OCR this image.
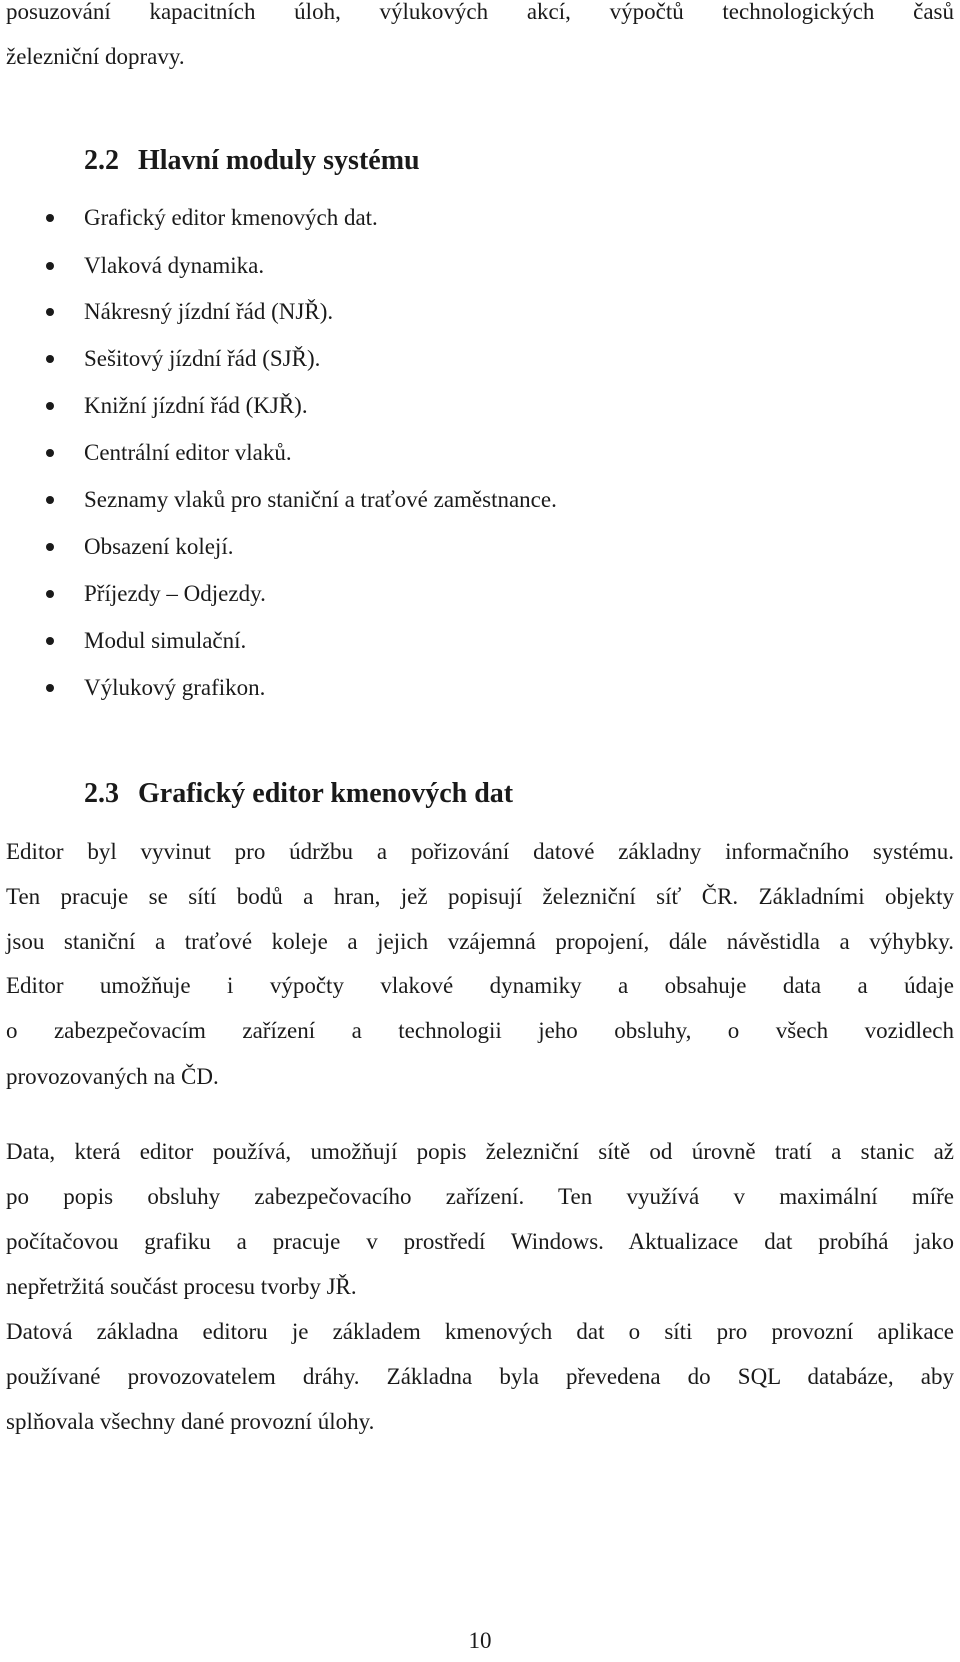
posuzování kapacitních úloh, výlukových akcí, výpočtů technologických časů
železniční dopravy.
2.2 Hlavní moduly systému
Grafický editor kmenových dat.
Vlaková dynamika.
Nákresný jízdní řád (NJŘ).
Sešitový jízdní řád (SJŘ).
Knižní jízdní řád (KJŘ).
Centrální editor vlaků.
Seznamy vlaků pro staniční a traťové zaměstnance.
Obsazení kolejí.
Příjezdy – Odjezdy.
Modul simulační.
Výlukový grafikon.
2.3 Grafický editor kmenových dat
Editor byl vyvinut pro údržbu a pořizování datové základny informačního systému.
Ten pracuje se sítí bodů a hran, jež popisují železniční síť ČR. Základními objekty
jsou staniční a traťové koleje a jejich vzájemná propojení, dále návěstidla a výhybky.
Editor umožňuje i výpočty vlakové dynamiky a obsahuje data a údaje
o zabezpečovacím zařízení a technologii jeho obsluhy, o všech vozidlech
provozovaných na ČD.
Data, která editor používá, umožňují popis železniční sítě od úrovně tratí a stanic až
po popis obsluhy zabezpečovacího zařízení. Ten využívá v maximální míře
počítačovou grafiku a pracuje v prostředí Windows. Aktualizace dat probíhá jako
nepřetržitá součást procesu tvorby JŘ.
Datová základna editoru je základem kmenových dat o síti pro provozní aplikace
používané provozovatelem dráhy. Základna byla převedena do SQL databáze, aby
splňovala všechny dané provozní úlohy.
10
